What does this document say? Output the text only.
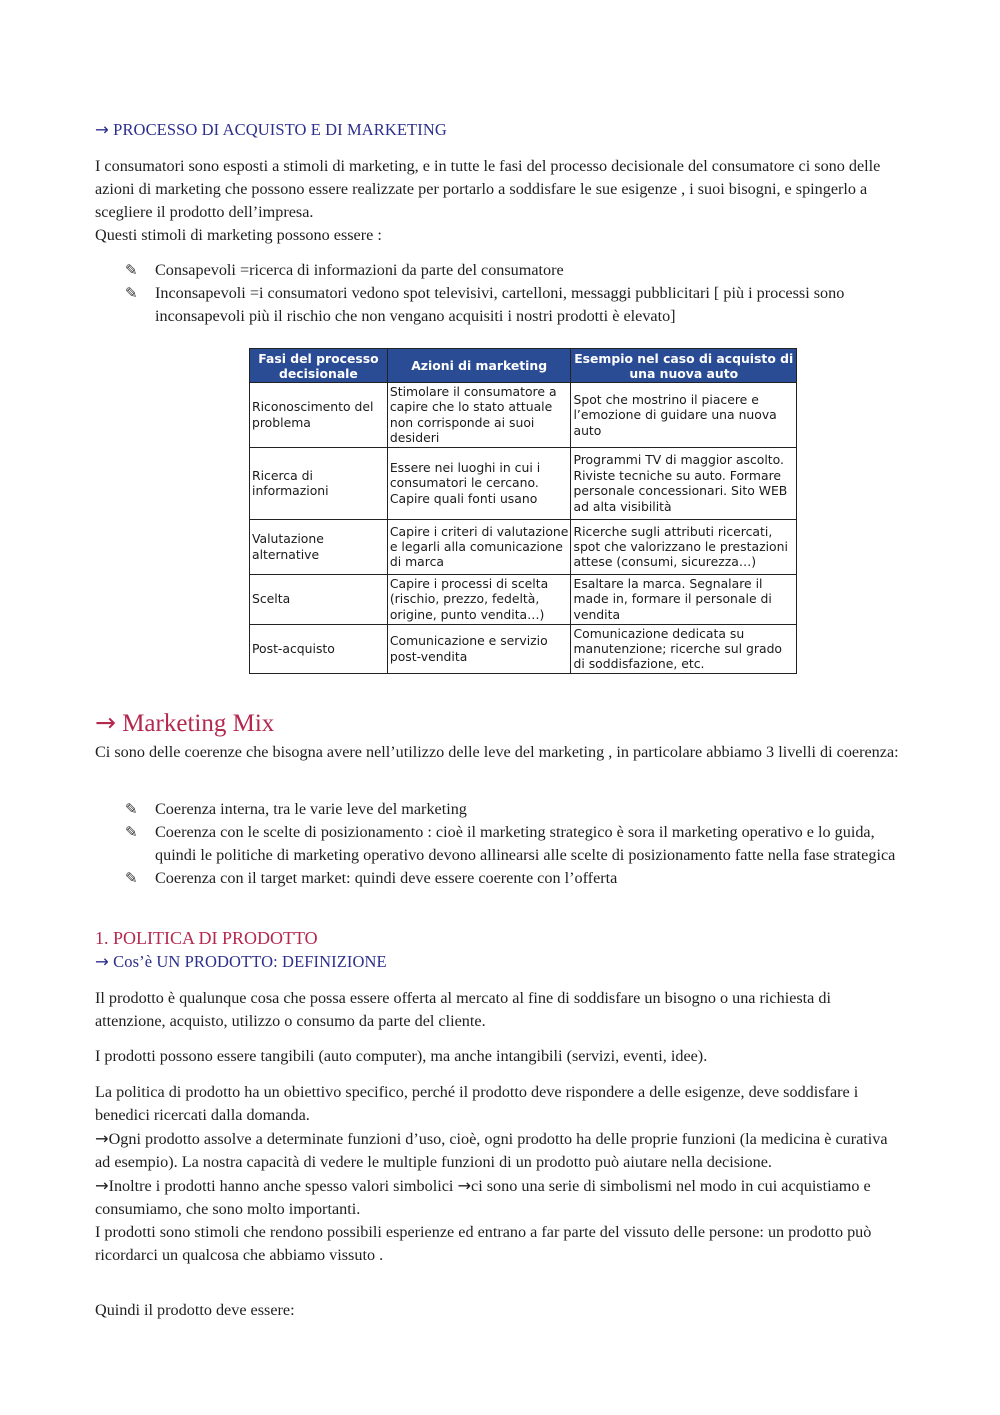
→ PROCESSO DI ACQUISTO E DI MARKETING

I consumatori sono esposti a stimoli di marketing, e in tutte le fasi del processo decisionale del consumatore ci sono delle azioni di marketing che possono essere realizzate per portarlo a soddisfare le sue esigenze , i suoi bisogni, e spingerlo a scegliere il prodotto dell’impresa.

Questi stimoli di marketing possono essere :

✎ Consapevoli =ricerca di informazioni da parte del consumatore
✎ Inconsapevoli =i consumatori vedono spot televisivi, cartelloni, messaggi pubblicitari [ più i processi sono inconsapevoli più il rischio che non vengano acquisiti i nostri prodotti è elevato]
→ Marketing Mix

Ci sono delle coerenze che bisogna avere nell’utilizzo delle leve del marketing , in particolare abbiamo 3 livelli di coerenza:

✎ Coerenza interna, tra le varie leve del marketing
✎ Coerenza con le scelte di posizionamento : cioè il marketing strategico è sora il marketing operativo e lo guida, quindi le politiche di marketing operativo devono allinearsi alle scelte di posizionamento fatte nella fase strategica
✎ Coerenza con il target market: quindi deve essere coerente con l’offerta
1. POLITICA DI PRODOTTO
→ Cos’è UN PRODOTTO: DEFINIZIONE

Il prodotto è qualunque cosa che possa essere offerta al mercato al fine di soddisfare un bisogno o una richiesta di attenzione, acquisto, utilizzo o consumo da parte del cliente.

I prodotti possono essere tangibili (auto computer), ma anche intangibili (servizi, eventi, idee).

La politica di prodotto ha un obiettivo specifico, perché il prodotto deve rispondere a delle esigenze, deve soddisfare i benedici ricercati dalla domanda.

→Ogni prodotto assolve a determinate funzioni d’uso, cioè, ogni prodotto ha delle proprie funzioni (la medicina è curativa ad esempio). La nostra capacità di vedere le multiple funzioni di un prodotto può aiutare nella decisione.

→Inoltre i prodotti hanno anche spesso valori simbolici →ci sono una serie di simbolismi nel modo in cui acquistiamo e consumiamo, che sono molto importanti.

I prodotti sono stimoli che rendono possibili esperienze ed entrano a far parte del vissuto delle persone: un prodotto può ricordarci un qualcosa che abbiamo vissuto .

Quindi il prodotto deve essere:

Fasi del processo decisionale	Azioni di marketing	Esempio nel caso di acquisto di una nuova auto
Riconoscimento del problema	Stimolare il consumatore a capire che lo stato attuale non corrisponde ai suoi desideri	Spot che mostrino il piacere e l’emozione di guidare una nuova auto
Ricerca di informazioni	Essere nei luoghi in cui i consumatori le cercano. Capire quali fonti usano	Programmi TV di maggior ascolto. Riviste tecniche su auto. Formare personale concessionari. Sito WEB ad alta visibilità
Valutazione alternative	Capire i criteri di valutazione e legarli alla comunicazione di marca	Ricerche sugli attributi ricercati, spot che valorizzano le prestazioni attese (consumi, sicurezza…)
Scelta	Capire i processi di scelta (rischio, prezzo, fedeltà, origine, punto vendita…)	Esaltare la marca. Segnalare il made in, formare il personale di vendita
Post-acquisto	Comunicazione e servizio post-vendita	Comunicazione dedicata su manutenzione; ricerche sul grado di soddisfazione, etc.
